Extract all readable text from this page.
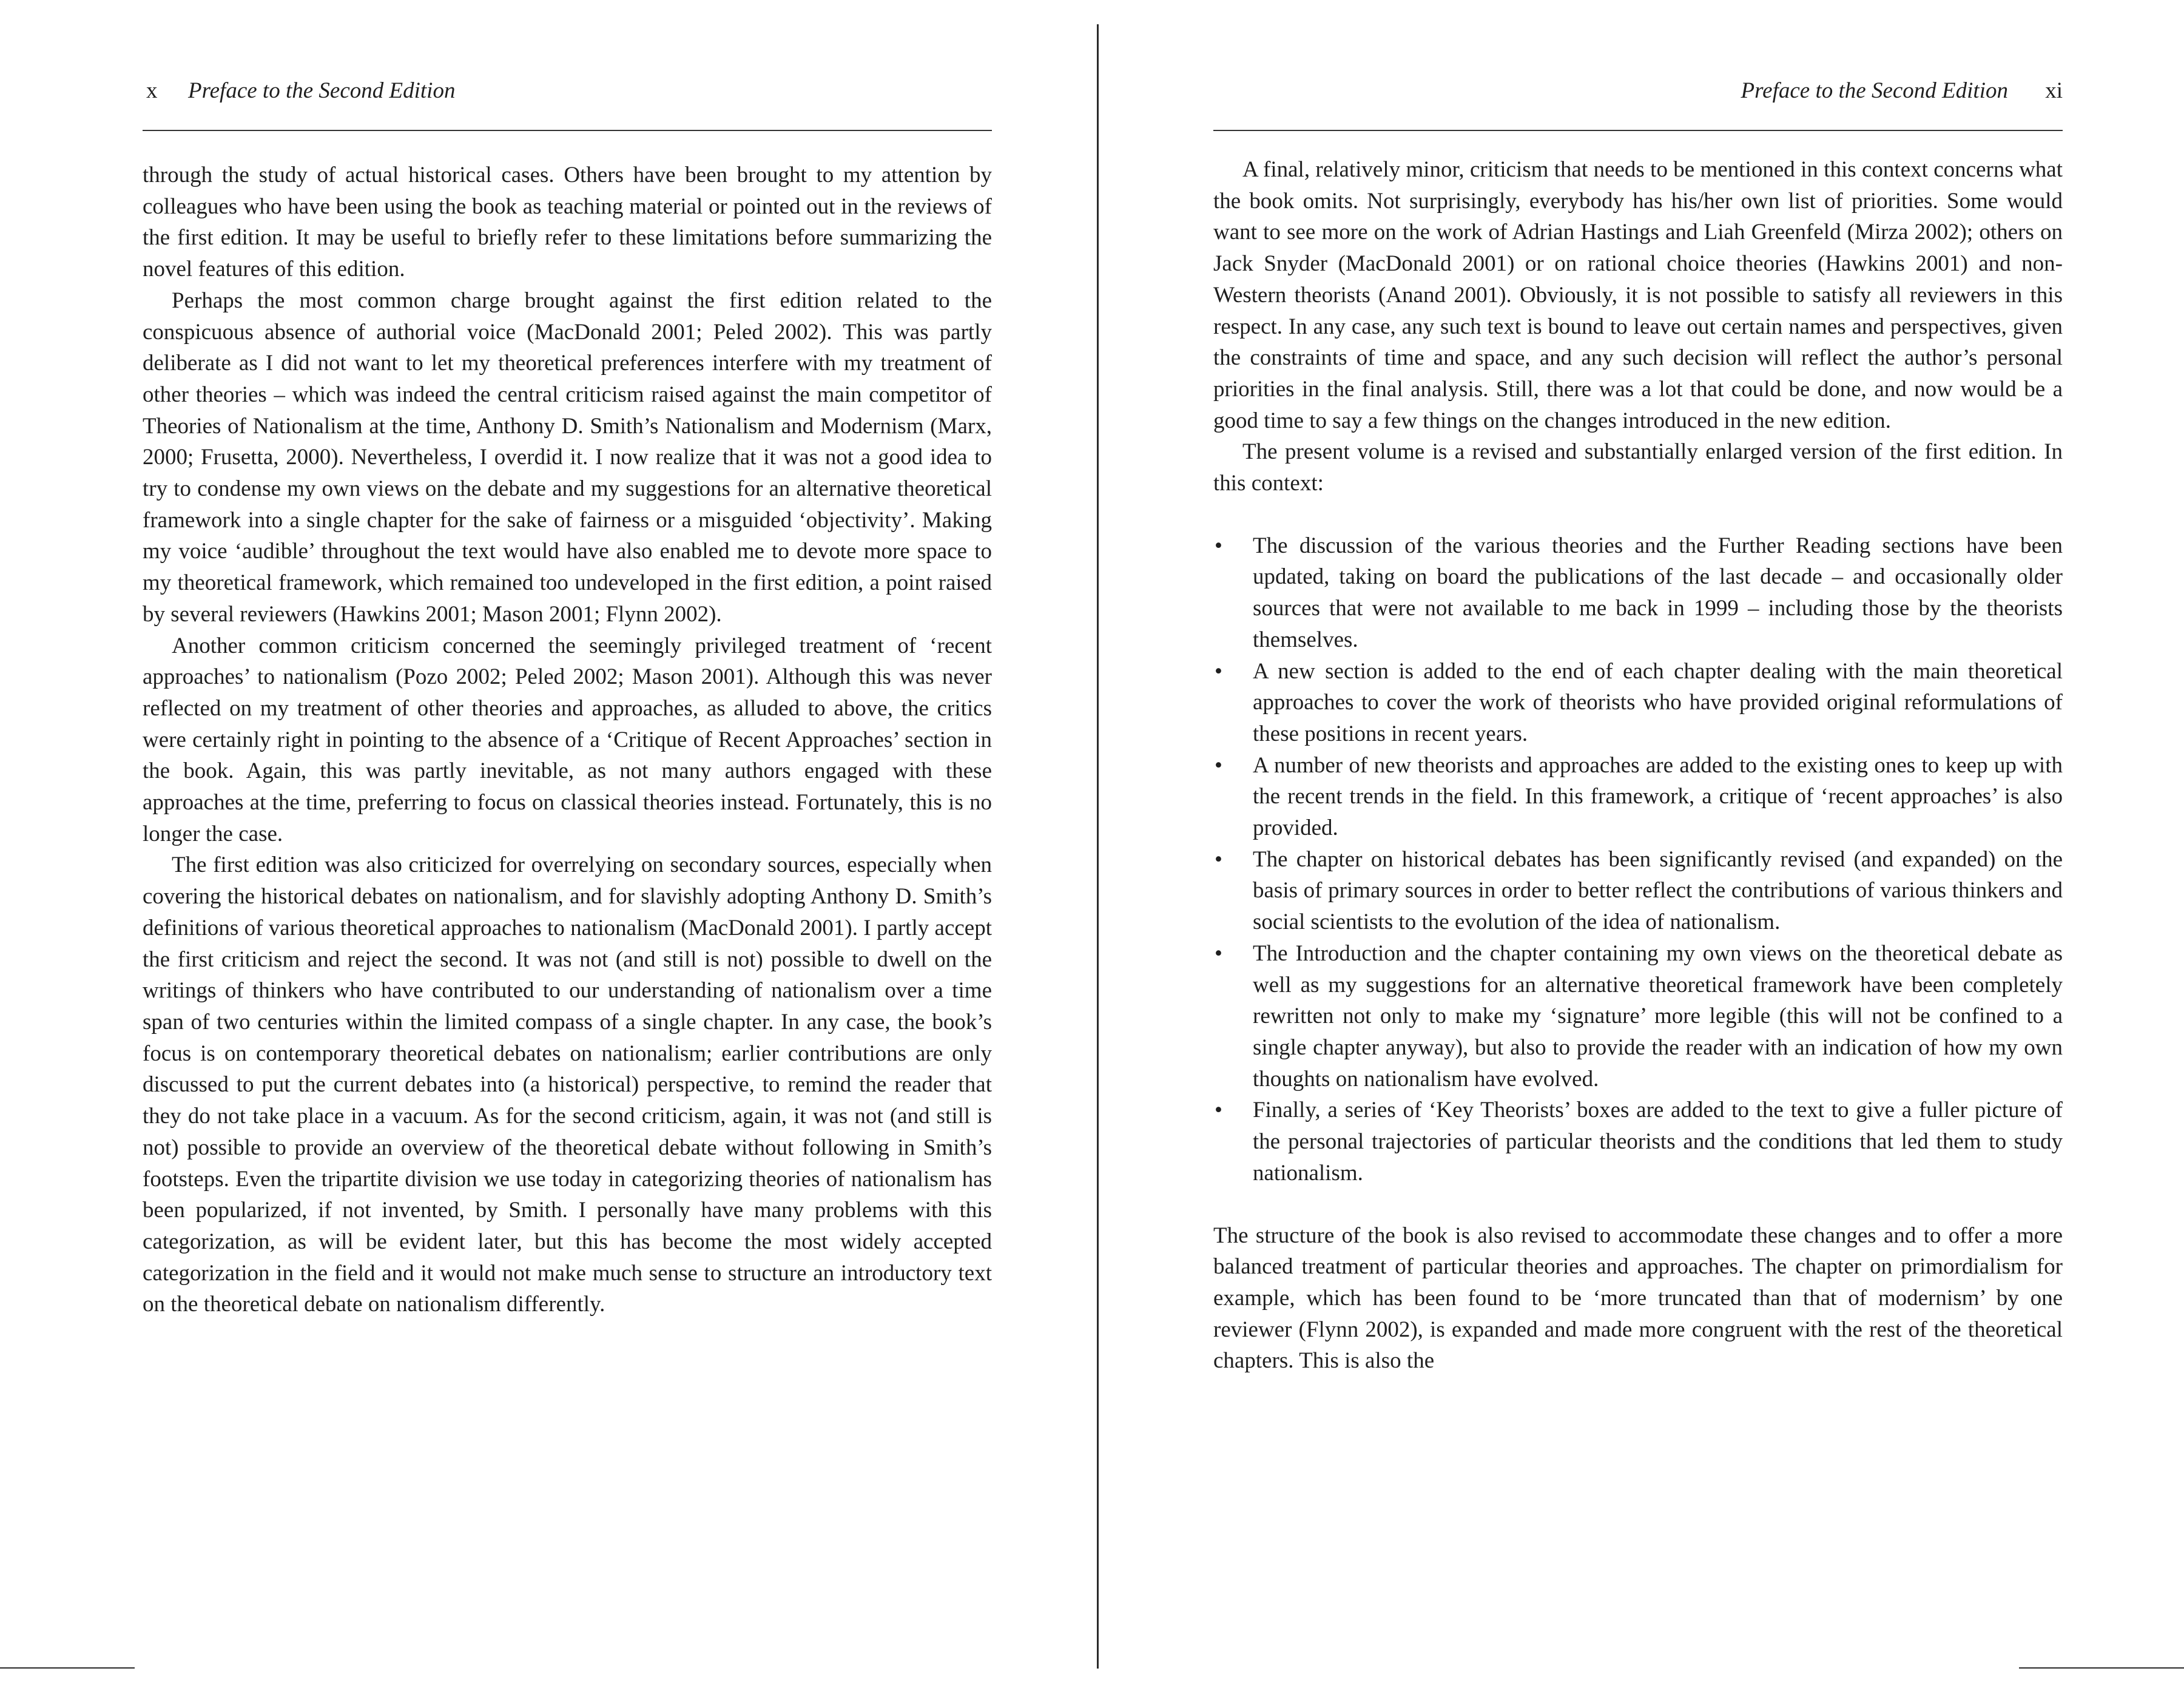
x Preface to the Second Edition

through the study of actual historical cases. Others have been brought to my attention by colleagues who have been using the book as teaching material or pointed out in the reviews of the first edition. It may be useful to briefly refer to these limitations before summarizing the novel features of this edition.

Perhaps the most common charge brought against the first edition related to the conspicuous absence of authorial voice (MacDonald 2001; Peled 2002). This was partly deliberate as I did not want to let my theoretical preferences interfere with my treatment of other theories – which was indeed the central criticism raised against the main competitor of Theories of Nationalism at the time, Anthony D. Smith’s Nationalism and Modernism (Marx, 2000; Frusetta, 2000). Nevertheless, I overdid it. I now realize that it was not a good idea to try to condense my own views on the debate and my suggestions for an alternative theoretical framework into a single chapter for the sake of fairness or a misguided ‘objectivity’. Making my voice ‘audible’ throughout the text would have also enabled me to devote more space to my theoretical framework, which remained too undeveloped in the first edition, a point raised by several reviewers (Hawkins 2001; Mason 2001; Flynn 2002).

Another common criticism concerned the seemingly privileged treatment of ‘recent approaches’ to nationalism (Pozo 2002; Peled 2002; Mason 2001). Although this was never reflected on my treatment of other theories and approaches, as alluded to above, the critics were certainly right in pointing to the absence of a ‘Critique of Recent Approaches’ section in the book. Again, this was partly inevitable, as not many authors engaged with these approaches at the time, preferring to focus on classical theories instead. Fortunately, this is no longer the case.

The first edition was also criticized for overrelying on secondary sources, especially when covering the historical debates on nationalism, and for slavishly adopting Anthony D. Smith’s definitions of various theoretical approaches to nationalism (MacDonald 2001). I partly accept the first criticism and reject the second. It was not (and still is not) possible to dwell on the writings of thinkers who have contributed to our understanding of nationalism over a time span of two centuries within the limited compass of a single chapter. In any case, the book’s focus is on contemporary theoretical debates on nationalism; earlier contributions are only discussed to put the current debates into (a historical) perspective, to remind the reader that they do not take place in a vacuum. As for the second criticism, again, it was not (and still is not) possible to provide an overview of the theoretical debate without following in Smith’s footsteps. Even the tripartite division we use today in categorizing theories of nationalism has been popularized, if not invented, by Smith. I personally have many problems with this categorization, as will be evident later, but this has become the most widely accepted categorization in the field and it would not make much sense to structure an introductory text on the theoretical debate on nationalism differently.

Preface to the Second Edition xi

A final, relatively minor, criticism that needs to be mentioned in this context concerns what the book omits. Not surprisingly, everybody has his/her own list of priorities. Some would want to see more on the work of Adrian Hastings and Liah Greenfeld (Mirza 2002); others on Jack Snyder (MacDonald 2001) or on rational choice theories (Hawkins 2001) and non-Western theorists (Anand 2001). Obviously, it is not possible to satisfy all reviewers in this respect. In any case, any such text is bound to leave out certain names and perspectives, given the constraints of time and space, and any such decision will reflect the author’s personal priorities in the final analysis. Still, there was a lot that could be done, and now would be a good time to say a few things on the changes introduced in the new edition.

The present volume is a revised and substantially enlarged version of the first edition. In this context:

• The discussion of the various theories and the Further Reading sections have been updated, taking on board the publications of the last decade – and occasionally older sources that were not available to me back in 1999 – including those by the theorists themselves.
• A new section is added to the end of each chapter dealing with the main theoretical approaches to cover the work of theorists who have provided original reformulations of these positions in recent years.
• A number of new theorists and approaches are added to the existing ones to keep up with the recent trends in the field. In this framework, a critique of ‘recent approaches’ is also provided.
• The chapter on historical debates has been significantly revised (and expanded) on the basis of primary sources in order to better reflect the contributions of various thinkers and social scientists to the evolution of the idea of nationalism.
• The Introduction and the chapter containing my own views on the theoretical debate as well as my suggestions for an alternative theoretical framework have been completely rewritten not only to make my ‘signature’ more legible (this will not be confined to a single chapter anyway), but also to provide the reader with an indication of how my own thoughts on nationalism have evolved.
• Finally, a series of ‘Key Theorists’ boxes are added to the text to give a fuller picture of the personal trajectories of particular theorists and the conditions that led them to study nationalism.

The structure of the book is also revised to accommodate these changes and to offer a more balanced treatment of particular theories and approaches. The chapter on primordialism for example, which has been found to be ‘more truncated than that of modernism’ by one reviewer (Flynn 2002), is expanded and made more congruent with the rest of the theoretical chapters. This is also the
